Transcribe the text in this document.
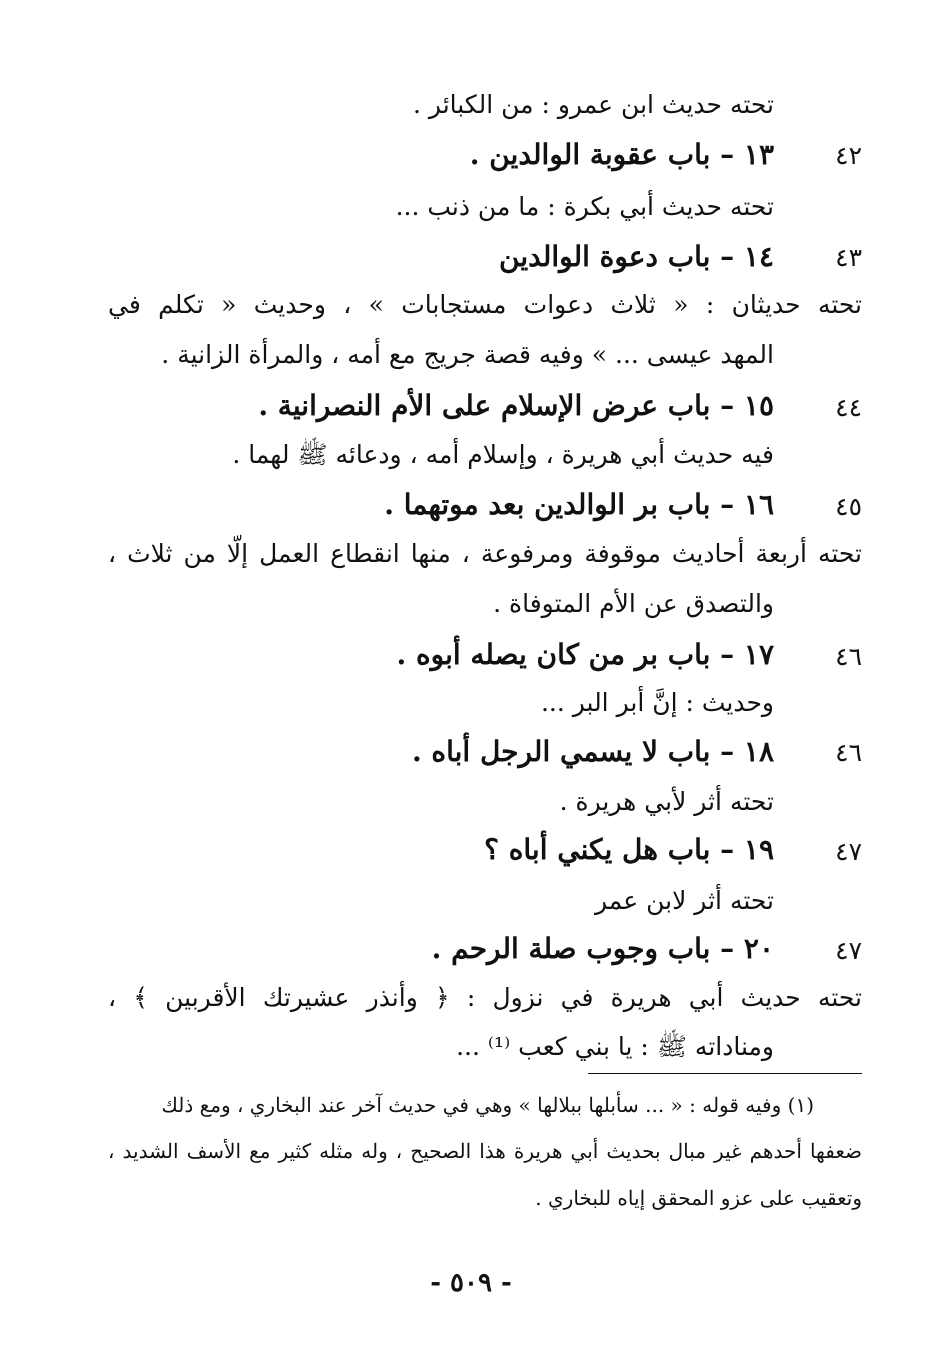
تحته حديث ابن عمرو : من الكبائر .
٤٢
١٣ – باب عقوبة الوالدين .
تحته حديث أبي بكرة : ما من ذنب ...
٤٣
١٤ – باب دعوة الوالدين
تحته حديثان : « ثلاث دعوات مستجابات » ، وحديث « تكلم في
المهد عيسى ... » وفيه قصة جريج مع أمه ، والمرأة الزانية .
٤٤
١٥ – باب عرض الإسلام على الأم النصرانية .
فيه حديث أبي هريرة ، وإسلام أمه ، ودعائه ﷺ لهما .
٤٥
١٦ – باب بر الوالدين بعد موتهما .
تحته أربعة أحاديث موقوفة ومرفوعة ، منها انقطاع العمل إلّا من ثلاث ،
والتصدق عن الأم المتوفاة .
٤٦
١٧ – باب بر من كان يصله أبوه .
وحديث : إنَّ أبر البر ...
٤٦
١٨ – باب لا يسمي الرجل أباه .
تحته أثر لأبي هريرة .
٤٧
١٩ – باب هل يكني أباه ؟
تحته أثر لابن عمر
٤٧
٢٠ – باب وجوب صلة الرحم .
تحته حديث أبي هريرة في نزول : ﴿ وأنذر عشيرتك الأقربين ﴾ ،
ومناداته ﷺ : يا بني كعب ⁽¹⁾ ...
(١) وفيه قوله : « ... سأبلها ببلالها » وهي في حديث آخر عند البخاري ، ومع ذلك
ضعفها أحدهم غير مبال بحديث أبي هريرة هذا الصحيح ، وله مثله كثير مع الأسف الشديد ،
وتعقيب على عزو المحقق إياه للبخاري .
- ٥٠٩ -
